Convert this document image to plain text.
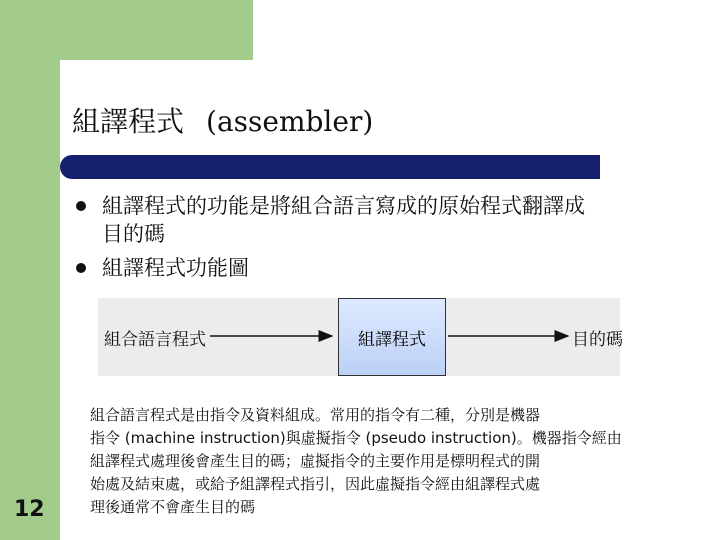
組譯程式 (assembler)
組譯程式的功能是將組合語言寫成的原始程式翻譯成目的碼
組譯程式功能圖
組合語言程式	組譯程式	目的碼
組合語言程式是由指令及資料組成。常用的指令有二種，分別是機器
指令 (machine instruction)與虛擬指令 (pseudo instruction)。機器指令經由
組譯程式處理後會產生目的碼；虛擬指令的主要作用是標明程式的開
始處及結束處，或給予組譯程式指引，因此虛擬指令經由組譯程式處
理後通常不會產生目的碼
12
